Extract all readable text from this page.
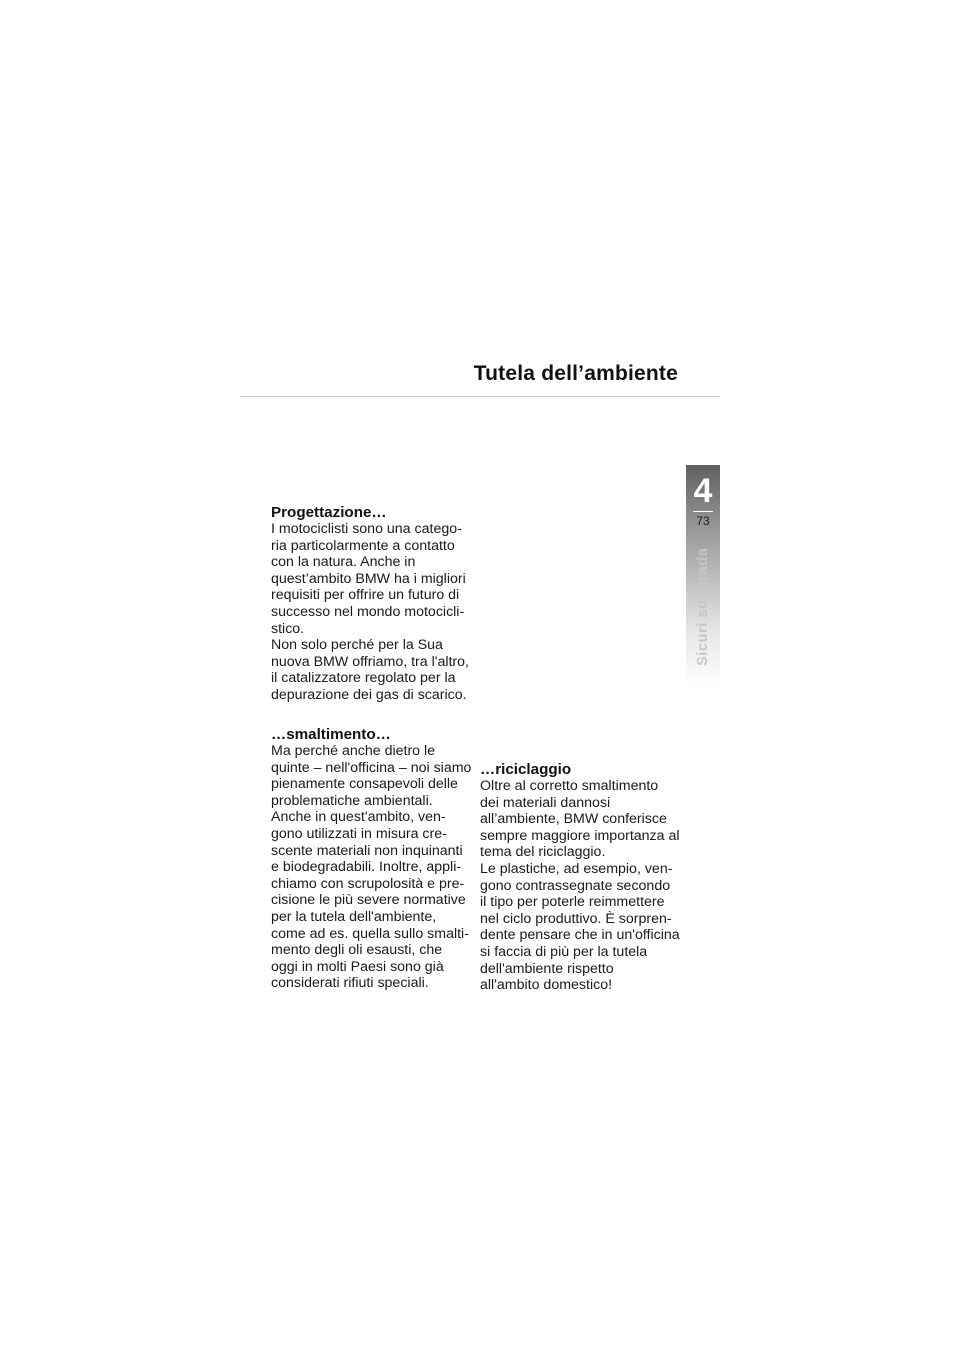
Tutela dell’ambiente
4
73
Sicuri su strada
Progettazione…

I motociclisti sono una catego-
ria particolarmente a contatto
con la natura. Anche in
quest’ambito BMW ha i migliori
requisiti per offrire un futuro di
successo nel mondo motocicli-
stico.
Non solo perché per la Sua
nuova BMW offriamo, tra l'altro,
il catalizzatore regolato per la
depurazione dei gas di scarico.

…smaltimento…

Ma perché anche dietro le
quinte – nell'officina – noi siamo
pienamente consapevoli delle
problematiche ambientali.
Anche in quest'ambito, ven-
gono utilizzati in misura cre-
scente materiali non inquinanti
e biodegradabili. Inoltre, appli-
chiamo con scrupolosità e pre-
cisione le più severe normative
per la tutela dell'ambiente,
come ad es. quella sullo smalti-
mento degli oli esausti, che
oggi in molti Paesi sono già
considerati rifiuti speciali.

…riciclaggio

Oltre al corretto smaltimento
dei materiali dannosi
all’ambiente, BMW conferisce
sempre maggiore importanza al
tema del riciclaggio.
Le plastiche, ad esempio, ven-
gono contrassegnate secondo
il tipo per poterle reimmettere
nel ciclo produttivo. È sorpren-
dente pensare che in un'officina
si faccia di più per la tutela
dell'ambiente rispetto
all'ambito domestico!
